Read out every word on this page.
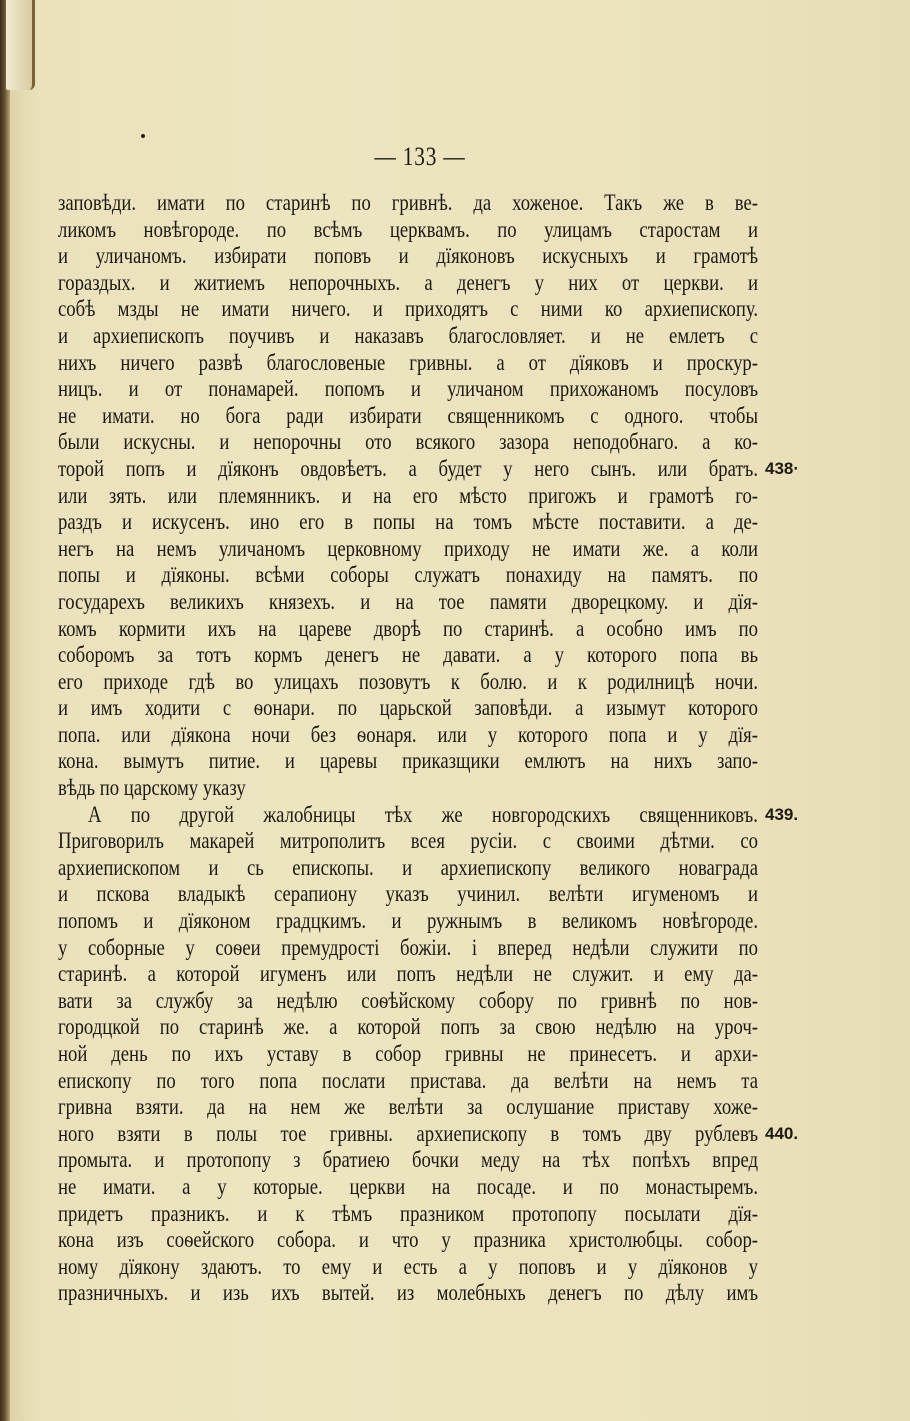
— 133 —
заповѣди. имати по старинѣ по гривнѣ. да хоженое. Такъ же в ве-
ликомъ новѣгороде. по всѣмъ церквамъ. по улицамъ старостам и
и уличаномъ. избирати поповъ и дїяконовъ искусныхъ и грамотѣ
гораздых. и житиемъ непорочныхъ. а денегъ у них от церкви. и
собѣ мзды не имати ничего. и приходятъ с ними ко архиепископу.
и архиепископъ поучивъ и наказавъ благословляет. и не емлетъ с
нихъ ничего развѣ благословеные гривны. а от дїяковъ и проскур-
ницъ. и от понамарей. попомъ и уличаном прихожаномъ посуловъ
не имати. но бога ради избирати священникомъ с одного. чтобы
были искусны. и непорочны ото всякого зазора неподобнаго. а ко-
торой попъ и дїяконъ овдовѣетъ. а будет у него сынъ. или братъ.
или зять. или племянникъ. и на его мѣсто пригожъ и грамотѣ го-
раздъ и искусенъ. ино его в попы на томъ мѣсте поставити. а де-
негъ на немъ уличаномъ церковному приходу не имати же. а коли
попы и дїяконы. всѣми соборы служатъ понахиду на памятъ. по
государехъ великихъ князехъ. и на тое памяти дворецкому. и дїя-
комъ кормити ихъ на цареве дворѣ по старинѣ. а особно имъ по
соборомъ за тотъ кормъ денегъ не давати. а у которого попа вь
его приходе гдѣ во улицахъ позовутъ к болю. и к родилницѣ ночи.
и имъ ходити с ѳонари. по царьской заповѣди. а изымут которого
попа. или дїякона ночи без ѳонаря. или у которого попа и у дїя-
кона. вымутъ питие. и царевы приказщики емлютъ на нихъ запо-
вѣдь по царскому указу
А по другой жалобницы тѣх же новгородскихъ священниковъ.
Приговорилъ макарей митрополитъ всея русiи. с своими дѣтми. со
архиепископом и сь епископы. и архиепископу великого новаграда
и пскова владыкѣ серапиону указъ учинил. велѣти игуменомъ и
попомъ и дїяконом градцкимъ. и ружнымъ в великомъ новѣгороде.
у соборные у соѳеи премудрості божiи. і вперед недѣли служити по
старинѣ. а которой игуменъ или попъ недѣли не служит. и ему да-
вати за службу за недѣлю соѳѣйскому собору по гривнѣ по нов-
городцкой по старинѣ же. а которой попъ за свою недѣлю на уроч-
ной день по ихъ уставу в собор гривны не принесетъ. и архи-
епископу по того попа послати пристава. да велѣти на немъ та
гривна взяти. да на нем же велѣти за ослушание приставу хоже-
ного взяти в полы тое гривны. архиепископу в томъ дву рублевъ
промыта. и протопопу з братиею бочки меду на тѣх попѣхъ впред
не имати. а у которые. церкви на посаде. и по монастыремъ.
придетъ празникъ. и к тѣмъ празником протопопу посылати дїя-
кона изъ соѳейского собора. и что у празника христолюбцы. собор-
ному дїякону здаютъ. то ему и есть а у поповъ и у дїяконов у
празничныхъ. и изь ихъ вытей. из молебныхъ денегъ по дѣлу имъ
438·
439.
440.
